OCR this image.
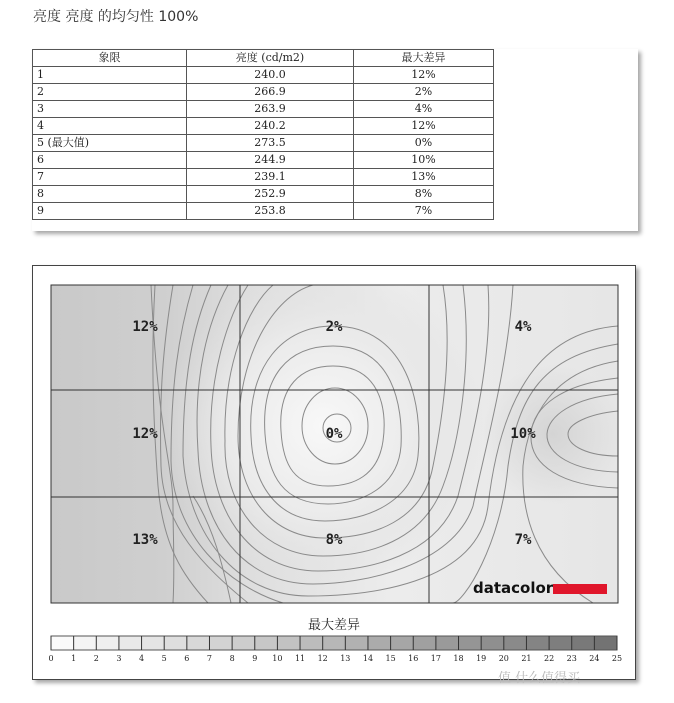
亮度 亮度 的均匀性 100%
象限	亮度 (cd/m2)	最大差异
1	240.0	12%
2	266.9	2%
3	263.9	4%
4	240.2	12%
5 (最大值)	273.5	0%
6	244.9	10%
7	239.1	13%
8	252.9	8%
9	253.8	7%
12%	2%	4%
12%	0%	10%
13%	8%	7%
datacolor
最大差异
0 1 2 3 4 5 6 7 8 9 10 11 12 13 14 15 16 17 18 19 20 21 22 23 24 25
值 什么值得买
